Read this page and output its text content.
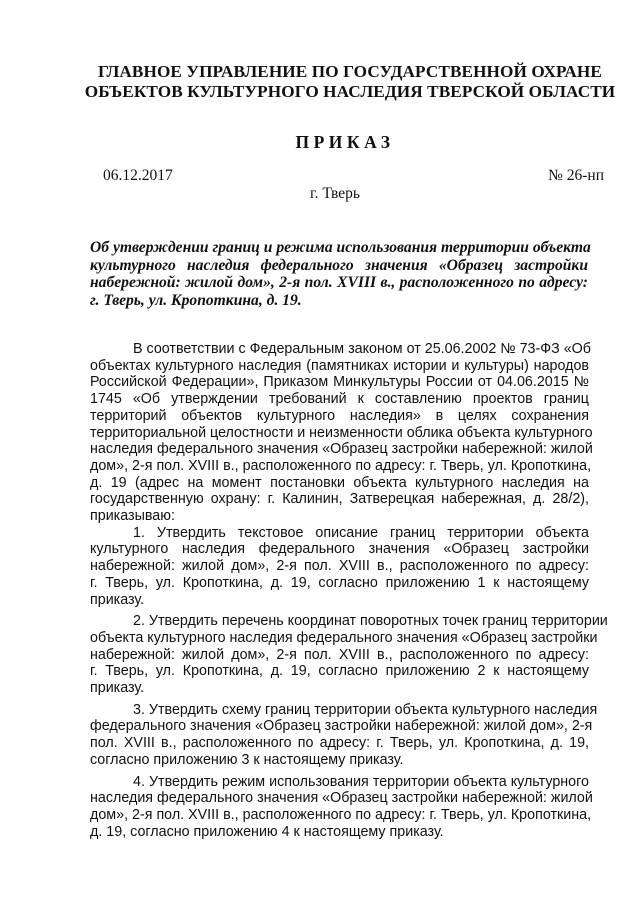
ГЛАВНОЕ УПРАВЛЕНИЕ ПО ГОСУДАРСТВЕННОЙ ОХРАНЕ
ОБЪЕКТОВ КУЛЬТУРНОГО НАСЛЕДИЯ ТВЕРСКОЙ ОБЛАСТИ
ПРИКАЗ
06.12.2017	№ 26-нп
г. Тверь
Об утверждении границ и режима использования территории объекта
культурного наследия федерального значения «Образец застройки
набережной: жилой дом», 2-я пол. XVIII в., расположенного по адресу:
г. Тверь, ул. Кропоткина, д. 19.
В соответствии с Федеральным законом от 25.06.2002 № 73-ФЗ «Об
объектах культурного наследия (памятниках истории и культуры) народов
Российской Федерации», Приказом Минкультуры России от 04.06.2015 №
1745 «Об утверждении требований к составлению проектов границ
территорий объектов культурного наследия» в целях сохранения
территориальной целостности и неизменности облика объекта культурного
наследия федерального значения «Образец застройки набережной: жилой
дом», 2-я пол. XVIII в., расположенного по адресу: г. Тверь, ул. Кропоткина,
д. 19 (адрес на момент постановки объекта культурного наследия на
государственную охрану: г. Калинин, Затверецкая набережная, д. 28/2),
приказываю:
1. Утвердить текстовое описание границ территории объекта
культурного наследия федерального значения «Образец застройки
набережной: жилой дом», 2-я пол. XVIII в., расположенного по адресу:
г. Тверь, ул. Кропоткина, д. 19, согласно приложению 1 к настоящему
приказу.
2. Утвердить перечень координат поворотных точек границ территории
объекта культурного наследия федерального значения «Образец застройки
набережной: жилой дом», 2-я пол. XVIII в., расположенного по адресу:
г. Тверь, ул. Кропоткина, д. 19, согласно приложению 2 к настоящему
приказу.
3. Утвердить схему границ территории объекта культурного наследия
федерального значения «Образец застройки набережной: жилой дом», 2-я
пол. XVIII в., расположенного по адресу: г. Тверь, ул. Кропоткина, д. 19,
согласно приложению 3 к настоящему приказу.
4. Утвердить режим использования территории объекта культурного
наследия федерального значения «Образец застройки набережной: жилой
дом», 2-я пол. XVIII в., расположенного по адресу: г. Тверь, ул. Кропоткина,
д. 19, согласно приложению 4 к настоящему приказу.
